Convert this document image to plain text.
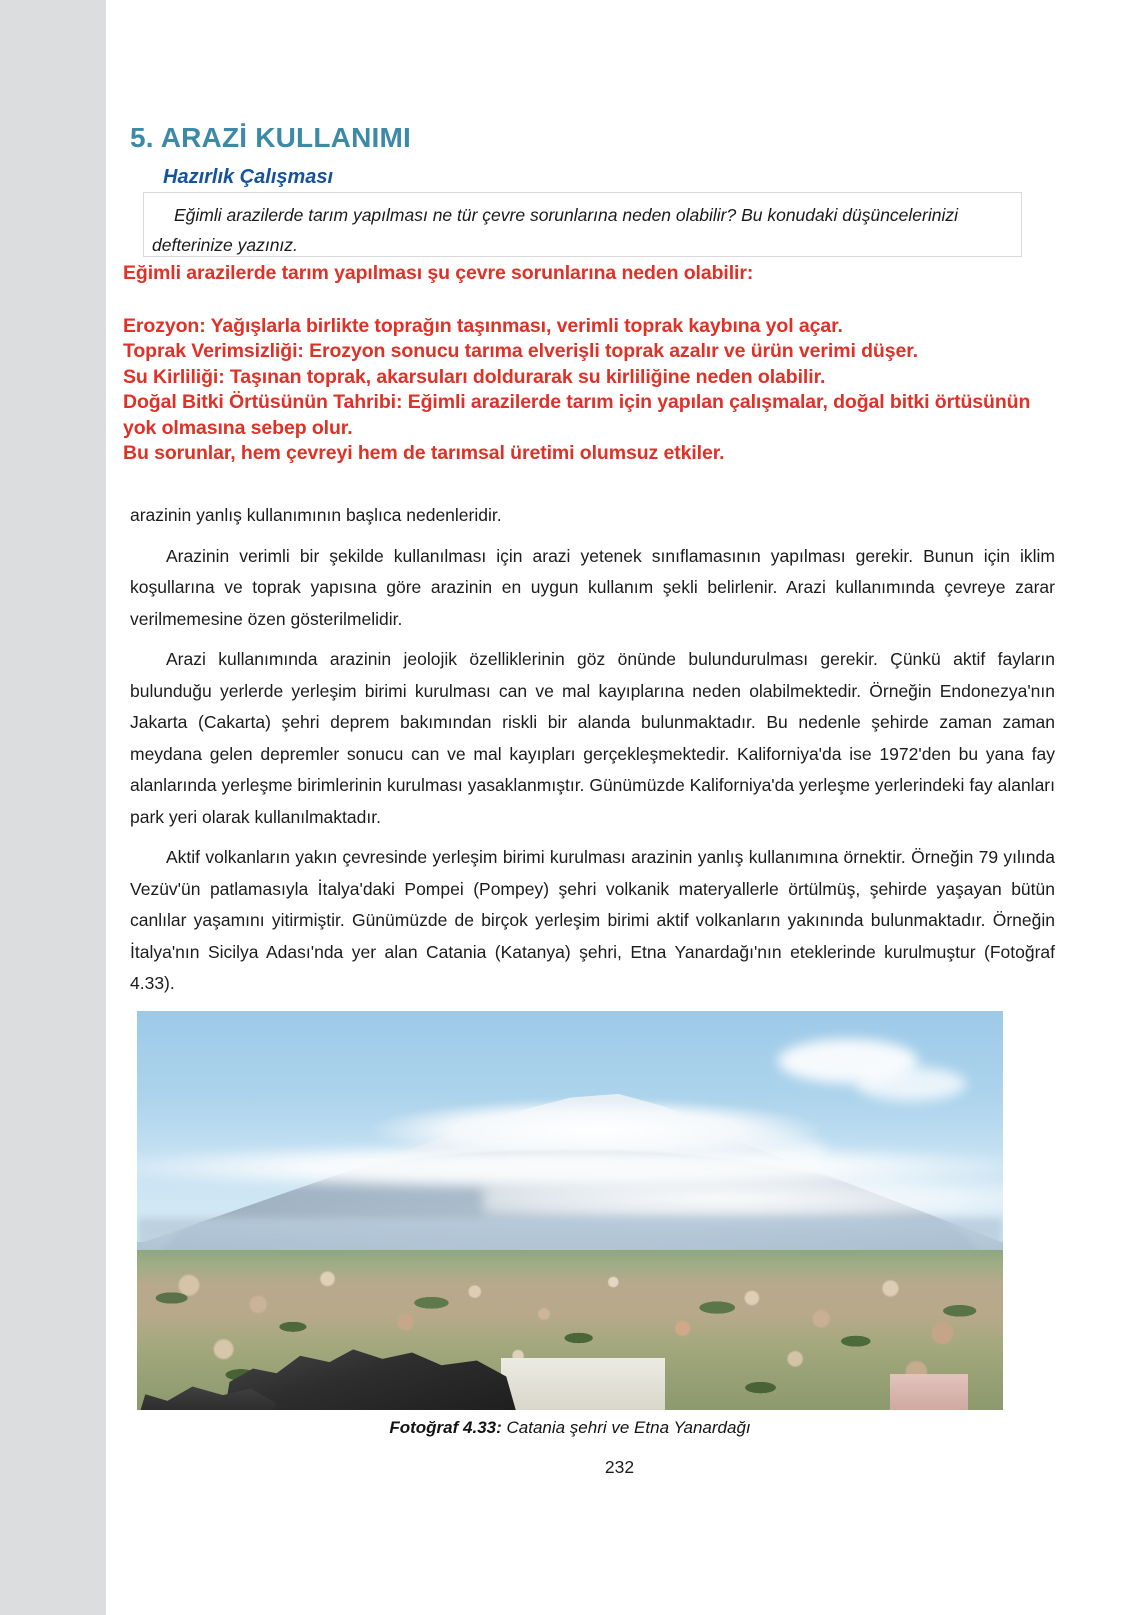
5. ARAZİ KULLANIMI
Hazırlık Çalışması
Eğimli arazilerde tarım yapılması ne tür çevre sorunlarına neden olabilir? Bu konudaki düşüncelerinizi defterinize yazınız.
Eğimli arazilerde tarım yapılması şu çevre sorunlarına neden olabilir:
Erozyon: Yağışlarla birlikte toprağın taşınması, verimli toprak kaybına yol açar.
Toprak Verimsizliği: Erozyon sonucu tarıma elverişli toprak azalır ve ürün verimi düşer.
Su Kirliliği: Taşınan toprak, akarsuları doldurarak su kirliliğine neden olabilir.
Doğal Bitki Örtüsünün Tahribi: Eğimli arazilerde tarım için yapılan çalışmalar, doğal bitki örtüsünün yok olmasına sebep olur.
Bu sorunlar, hem çevreyi hem de tarımsal üretimi olumsuz etkiler.

arazinin yanlış kullanımının başlıca nedenleridir.

Arazinin verimli bir şekilde kullanılması için arazi yetenek sınıflamasının yapılması gerekir. Bunun için iklim koşullarına ve toprak yapısına göre arazinin en uygun kullanım şekli belirlenir. Arazi kullanımında çevreye zarar verilmemesine özen gösterilmelidir.

Arazi kullanımında arazinin jeolojik özelliklerinin göz önünde bulundurulması gerekir. Çünkü aktif fayların bulunduğu yerlerde yerleşim birimi kurulması can ve mal kayıplarına neden olabilmektedir. Örneğin Endonezya'nın Jakarta (Cakarta) şehri deprem bakımından riskli bir alanda bulunmaktadır. Bu nedenle şehirde zaman zaman meydana gelen depremler sonucu can ve mal kayıpları gerçekleşmektedir. Kaliforniya'da ise 1972'den bu yana fay alanlarında yerleşme birimlerinin kurulması yasaklanmıştır. Günümüzde Kaliforniya'da yerleşme yerlerindeki fay alanları park yeri olarak kullanılmaktadır.

Aktif volkanların yakın çevresinde yerleşim birimi kurulması arazinin yanlış kullanımına örnektir. Örneğin 79 yılında Vezüv'ün patlamasıyla İtalya'daki Pompei (Pompey) şehri volkanik materyallerle örtülmüş, şehirde yaşayan bütün canlılar yaşamını yitirmiştir. Günümüzde de birçok yerleşim birimi aktif volkanların yakınında bulunmaktadır. Örneğin İtalya'nın Sicilya Adası'nda yer alan Catania (Katanya) şehri, Etna Yanardağı'nın eteklerinde kurulmuştur (Fotoğraf 4.33).

Fotoğraf 4.33: Catania şehri ve Etna Yanardağı
232
